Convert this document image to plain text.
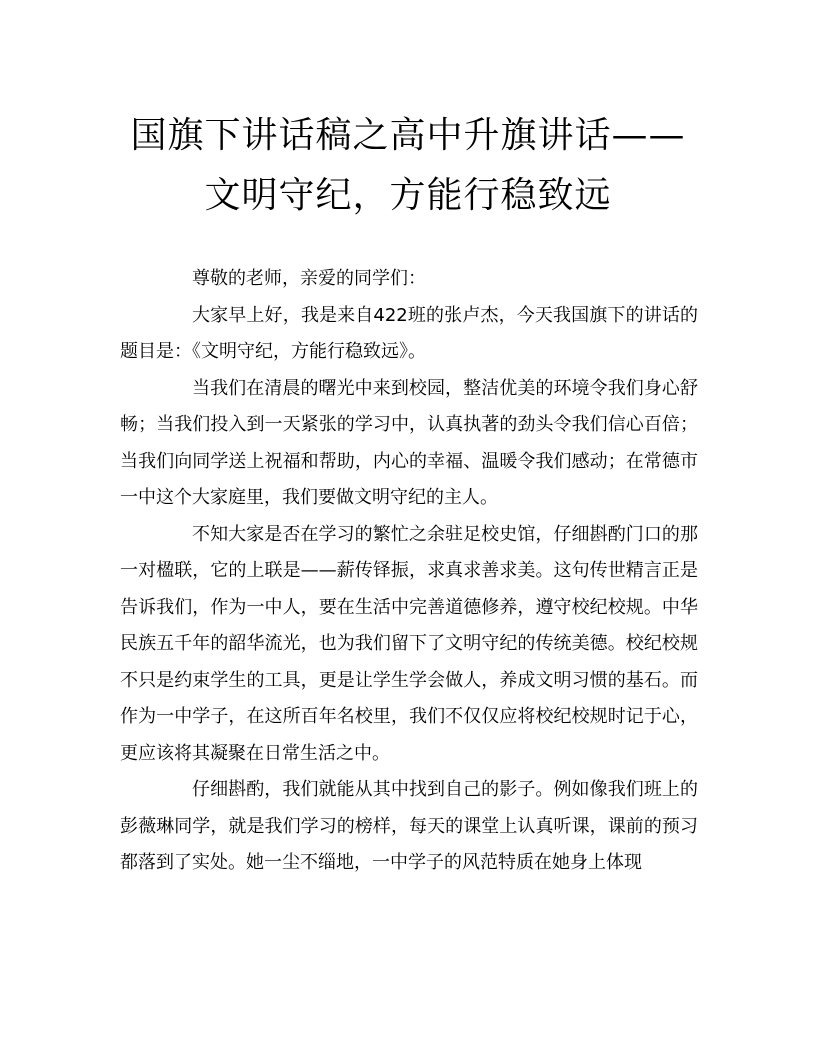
国旗下讲话稿之高中升旗讲话——文明守纪，方能行稳致远

尊敬的老师，亲爱的同学们：

大家早上好，我是来自422班的张卢杰，今天我国旗下的讲话的题目是：《文明守纪，方能行稳致远》。

当我们在清晨的曙光中来到校园，整洁优美的环境令我们身心舒畅；当我们投入到一天紧张的学习中，认真执著的劲头令我们信心百倍；当我们向同学送上祝福和帮助，内心的幸福、温暖令我们感动；在常德市一中这个大家庭里，我们要做文明守纪的主人。

不知大家是否在学习的繁忙之余驻足校史馆，仔细斟酌门口的那一对楹联，它的上联是——薪传铎振，求真求善求美。这句传世精言正是告诉我们，作为一中人，要在生活中完善道德修养，遵守校纪校规。中华民族五千年的韶华流光，也为我们留下了文明守纪的传统美德。校纪校规不只是约束学生的工具，更是让学生学会做人，养成文明习惯的基石。而作为一中学子，在这所百年名校里，我们不仅仅应将校纪校规时记于心，更应该将其凝聚在日常生活之中。

仔细斟酌，我们就能从其中找到自己的影子。例如像我们班上的彭薇琳同学，就是我们学习的榜样，每天的课堂上认真听课，课前的预习都落到了实处。她一尘不缁地，一中学子的风范特质在她身上体现
